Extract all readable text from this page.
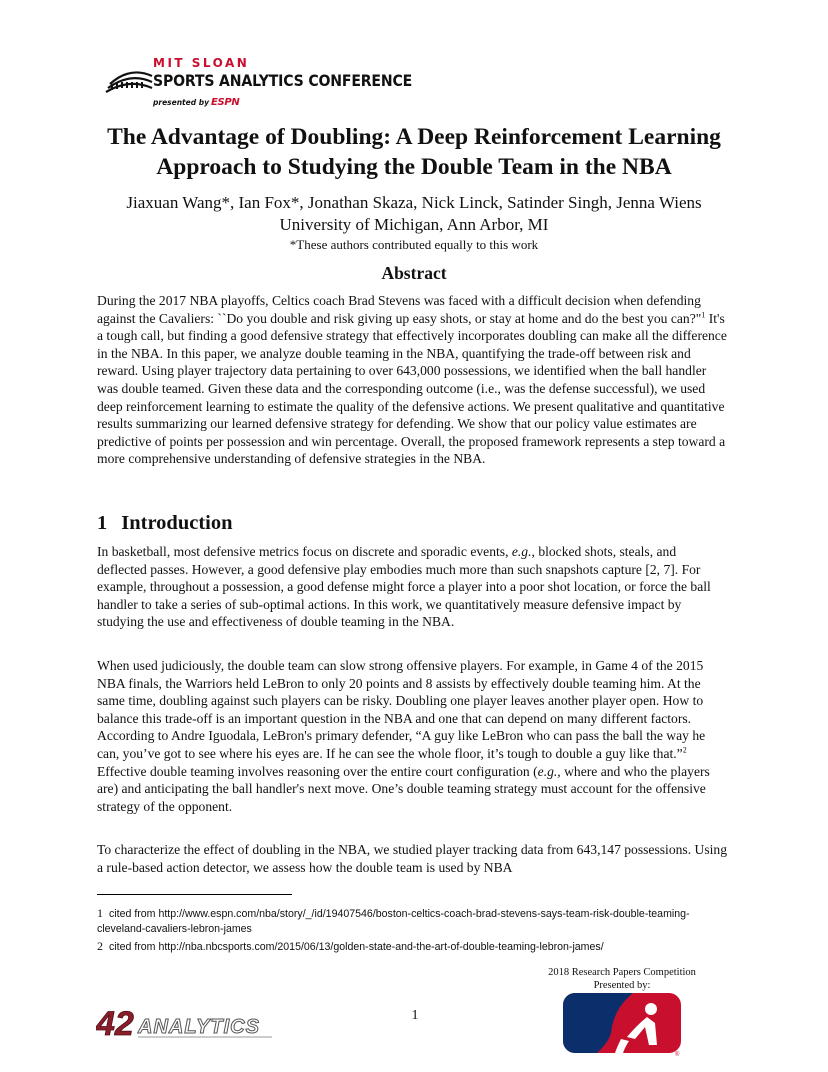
MIT SLOAN
SPORTS ANALYTICS CONFERENCE
presented by ESPN
The Advantage of Doubling: A Deep Reinforcement Learning
Approach to Studying the Double Team in the NBA
Jiaxuan Wang*, Ian Fox*, Jonathan Skaza, Nick Linck, Satinder Singh, Jenna Wiens
University of Michigan, Ann Arbor, MI
*These authors contributed equally to this work
Abstract
During the 2017 NBA playoffs, Celtics coach Brad Stevens was faced with a difficult decision when defending against the Cavaliers: ``Do you double and risk giving up easy shots, or stay at home and do the best you can?"$^1$ It's a tough call, but finding a good defensive strategy that effectively incorporates doubling can make all the difference in the NBA. In this paper, we analyze double teaming in the NBA, quantifying the trade-off between risk and reward. Using player trajectory data pertaining to over 643,000 possessions, we identified when the ball handler was double teamed. Given these data and the corresponding outcome (i.e., was the defense successful), we used deep reinforcement learning to estimate the quality of the defensive actions. We present qualitative and quantitative results summarizing our learned defensive strategy for defending. We show that our policy value estimates are predictive of points per possession and win percentage. Overall, the proposed framework represents a step toward a more comprehensive understanding of defensive strategies in the NBA.
1 Introduction
In basketball, most defensive metrics focus on discrete and sporadic events, e.g., blocked shots, steals, and deflected passes. However, a good defensive play embodies much more than such snapshots capture [2, 7]. For example, throughout a possession, a good defense might force a player into a poor shot location, or force the ball handler to take a series of sub-optimal actions. In this work, we quantitatively measure defensive impact by studying the use and effectiveness of double teaming in the NBA.
When used judiciously, the double team can slow strong offensive players. For example, in Game 4 of the 2015 NBA finals, the Warriors held LeBron to only 20 points and 8 assists by effectively double teaming him. At the same time, doubling against such players can be risky. Doubling one player leaves another player open. How to balance this trade-off is an important question in the NBA and one that can depend on many different factors. According to Andre Iguodala, LeBron's primary defender, “A guy like LeBron who can pass the ball the way he can, you’ve got to see where his eyes are. If he can see the whole floor, it’s tough to double a guy like that.”$^2$ Effective double teaming involves reasoning over the entire court configuration (e.g., where and who the players are) and anticipating the ball handler's next move. One’s double teaming strategy must account for the offensive strategy of the opponent.
To characterize the effect of doubling in the NBA, we studied player tracking data from 643,147 possessions. Using a rule-based action detector, we assess how the double team is used by NBA
1 cited from http://www.espn.com/nba/story/_/id/19407546/boston-celtics-coach-brad-stevens-says-team-risk-double-teaming-cleveland-cavaliers-lebron-james
2 cited from http://nba.nbcsports.com/2015/06/13/golden-state-and-the-art-of-double-teaming-lebron-james/
2018 Research Papers Competition
Presented by:
1
42 ANALYTICS
®
